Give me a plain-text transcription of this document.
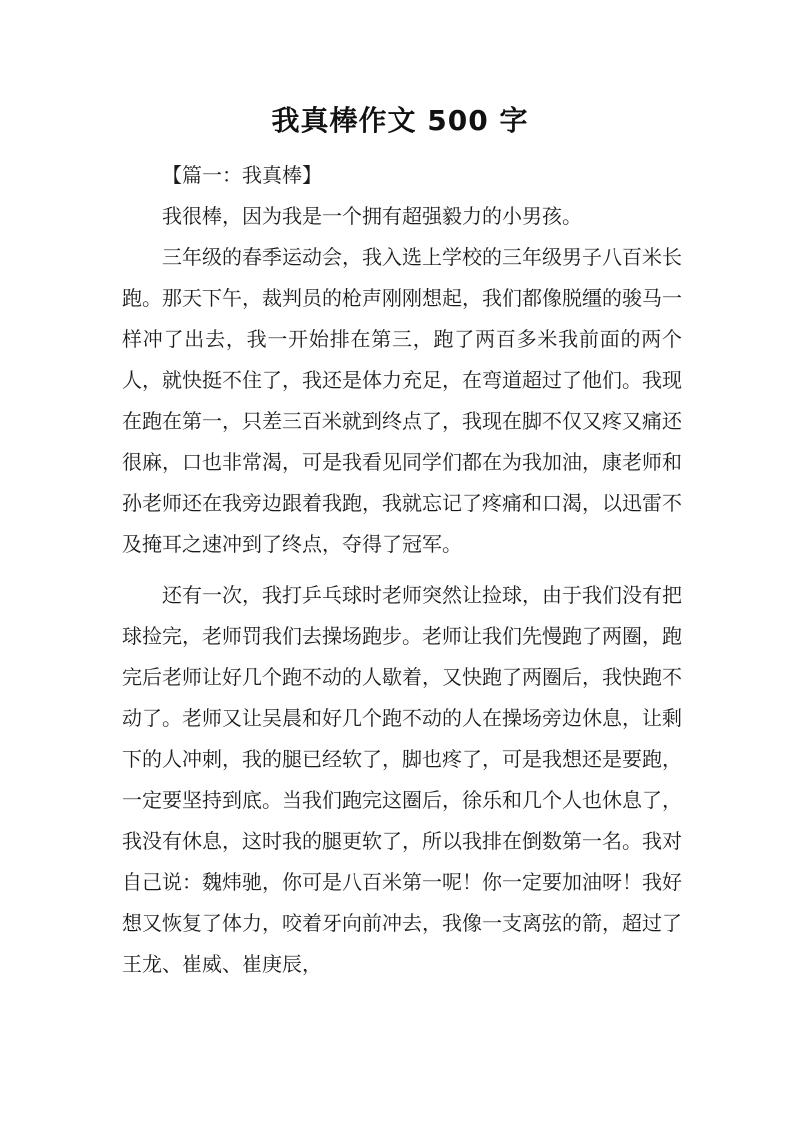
我真棒作文 500 字

【篇一：我真棒】

我很棒，因为我是一个拥有超强毅力的小男孩。

三年级的春季运动会，我入选上学校的三年级男子八百米长跑。那天下午，裁判员的枪声刚刚想起，我们都像脱缰的骏马一样冲了出去，我一开始排在第三，跑了两百多米我前面的两个人，就快挺不住了，我还是体力充足，在弯道超过了他们。我现在跑在第一，只差三百米就到终点了，我现在脚不仅又疼又痛还很麻，口也非常渴，可是我看见同学们都在为我加油，康老师和孙老师还在我旁边跟着我跑，我就忘记了疼痛和口渴，以迅雷不及掩耳之速冲到了终点，夺得了冠军。

还有一次，我打乒乓球时老师突然让捡球，由于我们没有把球捡完，老师罚我们去操场跑步。老师让我们先慢跑了两圈，跑完后老师让好几个跑不动的人歇着，又快跑了两圈后，我快跑不动了。老师又让吴晨和好几个跑不动的人在操场旁边休息，让剩下的人冲刺，我的腿已经软了，脚也疼了，可是我想还是要跑，一定要坚持到底。当我们跑完这圈后，徐乐和几个人也休息了，我没有休息，这时我的腿更软了，所以我排在倒数第一名。我对自己说：魏炜驰，你可是八百米第一呢！你一定要加油呀！我好想又恢复了体力，咬着牙向前冲去，我像一支离弦的箭，超过了王龙、崔威、崔庚辰，
